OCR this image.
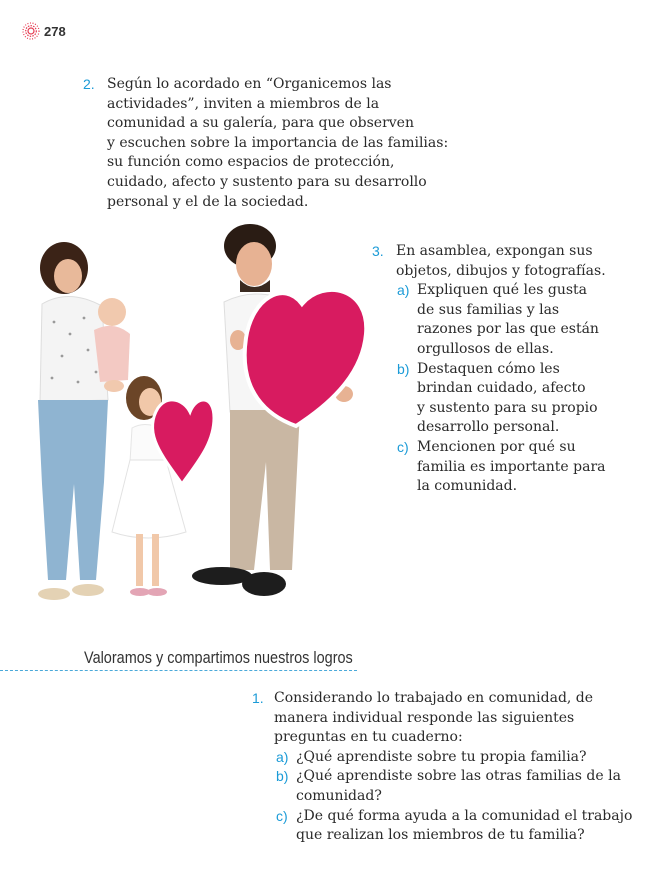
278
2. Según lo acordado en “Organicemos las
actividades”, inviten a miembros de la
comunidad a su galería, para que observen
y escuchen sobre la importancia de las familias:
su función como espacios de protección,
cuidado, afecto y sustento para su desarrollo
personal y el de la sociedad.
3. En asamblea, expongan sus
objetos, dibujos y fotografías.
a) Expliquen qué les gusta
de sus familias y las
razones por las que están
orgullosos de ellas.
b) Destaquen cómo les
brindan cuidado, afecto
y sustento para su propio
desarrollo personal.
c) Mencionen por qué su
familia es importante para
la comunidad.
Valoramos y compartimos nuestros logros
1. Considerando lo trabajado en comunidad, de
manera individual responde las siguientes
preguntas en tu cuaderno:
a) ¿Qué aprendiste sobre tu propia familia?
b) ¿Qué aprendiste sobre las otras familias de la
comunidad?
c) ¿De qué forma ayuda a la comunidad el trabajo
que realizan los miembros de tu familia?
